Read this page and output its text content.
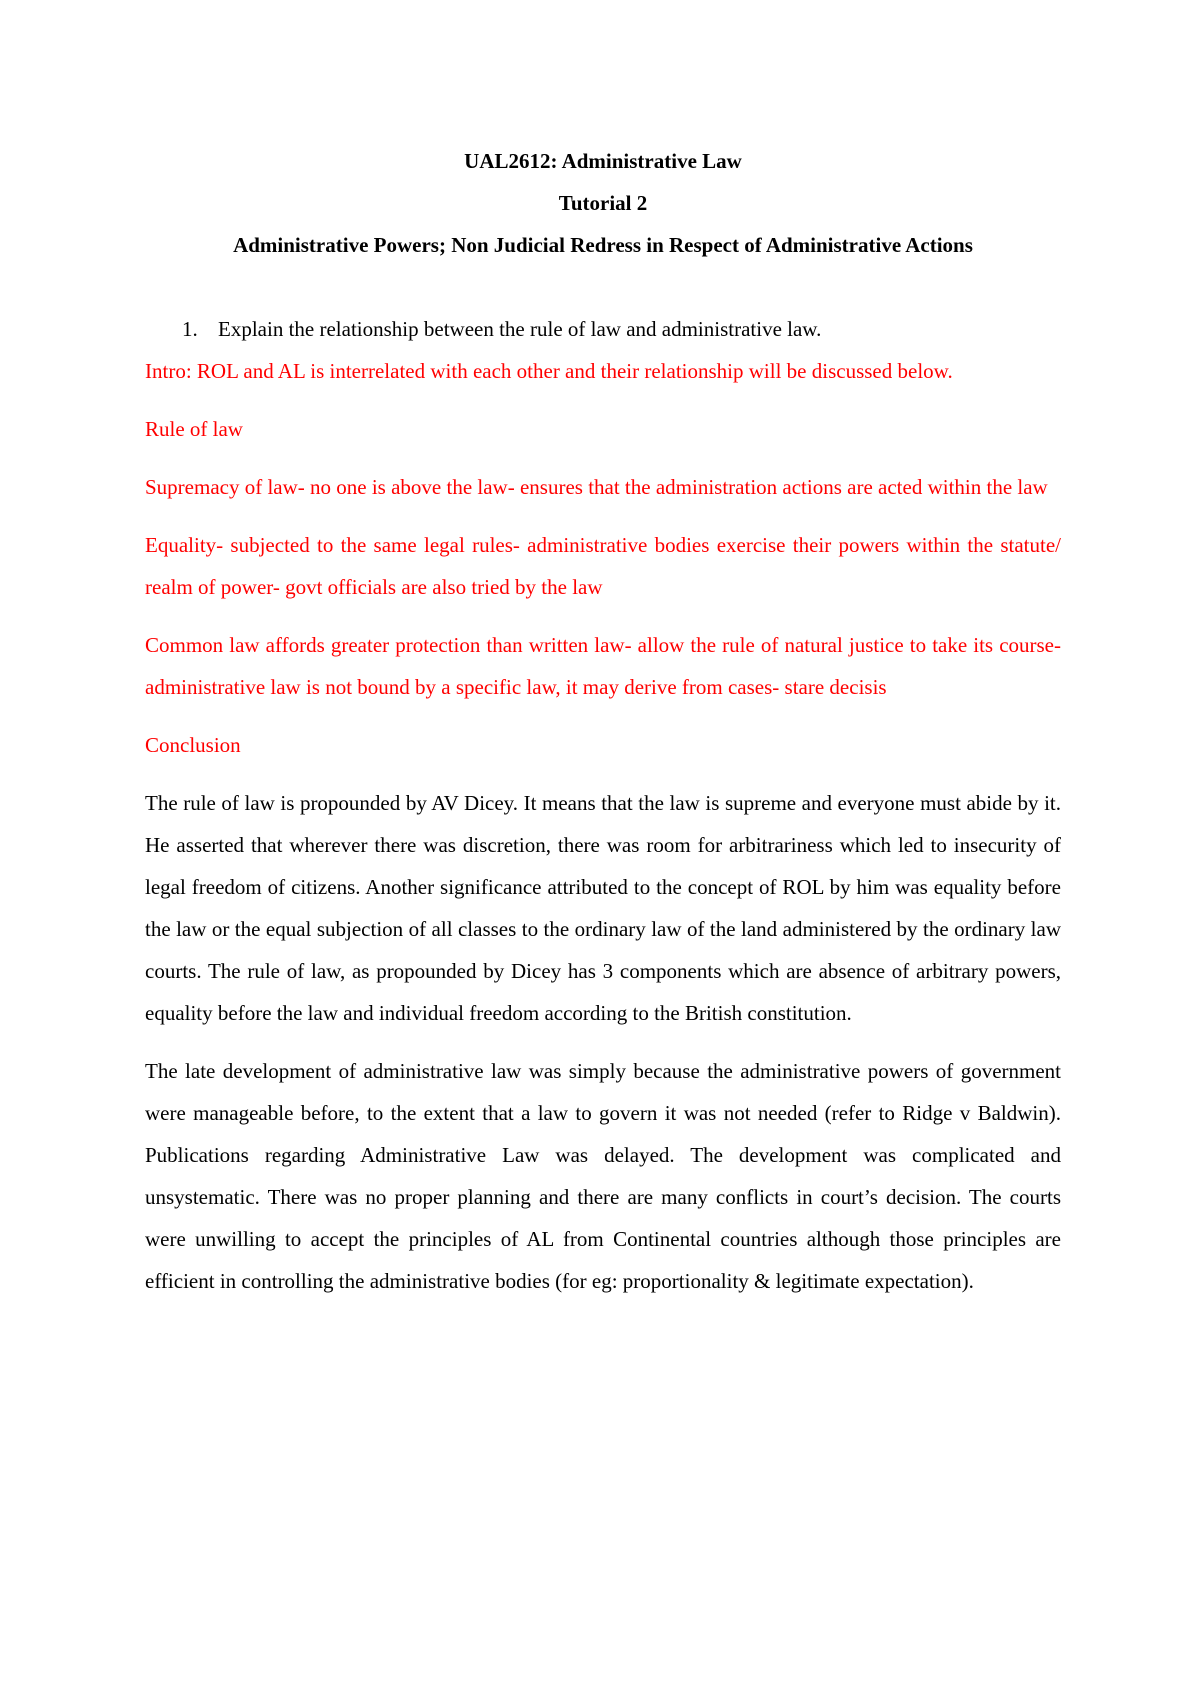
UAL2612: Administrative Law

Tutorial 2

Administrative Powers; Non Judicial Redress in Respect of Administrative Actions

1. Explain the relationship between the rule of law and administrative law.

Intro: ROL and AL is interrelated with each other and their relationship will be discussed below.

Rule of law

Supremacy of law- no one is above the law- ensures that the administration actions are acted within the law

Equality- subjected to the same legal rules- administrative bodies exercise their powers within the statute/ realm of power- govt officials are also tried by the law

Common law affords greater protection than written law- allow the rule of natural justice to take its course- administrative law is not bound by a specific law, it may derive from cases- stare decisis

Conclusion

The rule of law is propounded by AV Dicey. It means that the law is supreme and everyone must abide by it. He asserted that wherever there was discretion, there was room for arbitrariness which led to insecurity of legal freedom of citizens. Another significance attributed to the concept of ROL by him was equality before the law or the equal subjection of all classes to the ordinary law of the land administered by the ordinary law courts. The rule of law, as propounded by Dicey has 3 components which are absence of arbitrary powers, equality before the law and individual freedom according to the British constitution.

The late development of administrative law was simply because the administrative powers of government were manageable before, to the extent that a law to govern it was not needed (refer to Ridge v Baldwin). Publications regarding Administrative Law was delayed. The development was complicated and unsystematic. There was no proper planning and there are many conflicts in court’s decision. The courts were unwilling to accept the principles of AL from Continental countries although those principles are efficient in controlling the administrative bodies (for eg: proportionality & legitimate expectation).
